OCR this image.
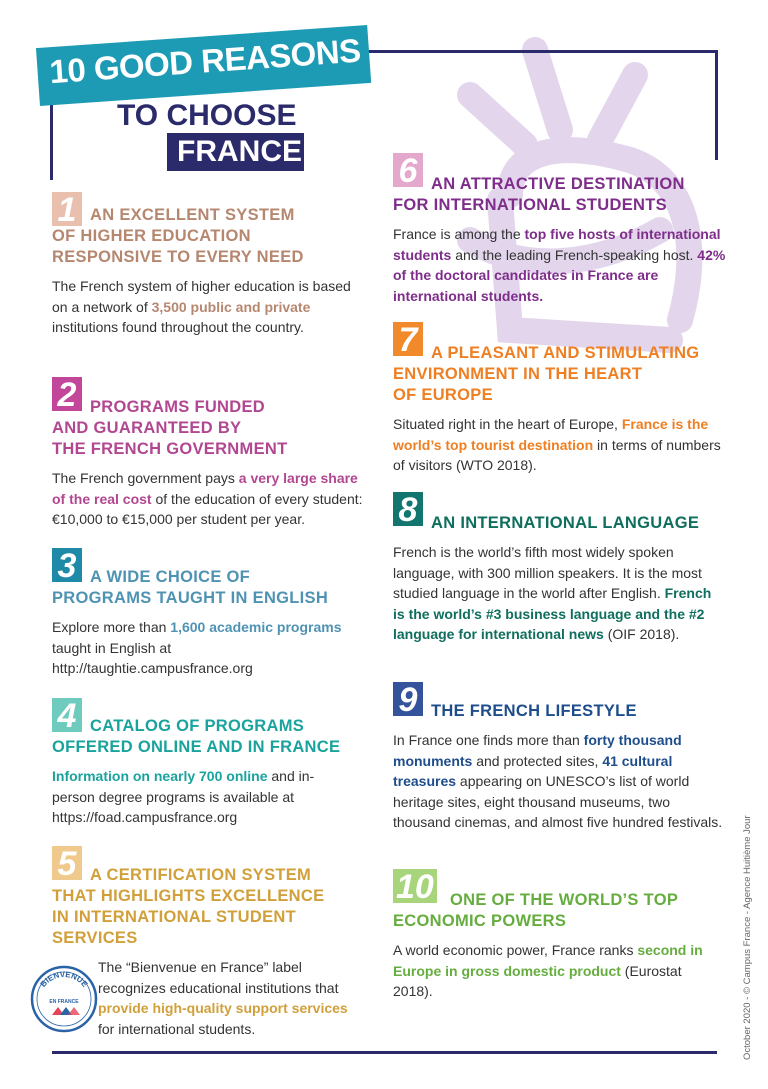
10 GOOD REASONS
TO CHOOSE
FRANCE
1 AN EXCELLENT SYSTEM
OF HIGHER EDUCATION
RESPONSIVE TO EVERY NEED
The French system of higher education is based on a network of 3,500 public and private institutions found throughout the country.
2 PROGRAMS FUNDED
AND GUARANTEED BY
THE FRENCH GOVERNMENT
The French government pays a very large share of the real cost of the education of every student: €10,000 to €15,000 per student per year.
3 A WIDE CHOICE OF
PROGRAMS TAUGHT IN ENGLISH
Explore more than 1,600 academic programs taught in English at http://taughtie.campusfrance.org
4 CATALOG OF PROGRAMS
OFFERED ONLINE AND IN FRANCE
Information on nearly 700 online and in-person degree programs is available at https://foad.campusfrance.org
5 A CERTIFICATION SYSTEM
THAT HIGHLIGHTS EXCELLENCE
IN INTERNATIONAL STUDENT
SERVICES
The “Bienvenue en France” label recognizes educational institutions that provide high-quality support services for international students.
BIENVENUE
EN FRANCE
6 AN ATTRACTIVE DESTINATION
FOR INTERNATIONAL STUDENTS
France is among the top five hosts of international students and the leading French-speaking host. 42% of the doctoral candidates in France are international students.
7 A PLEASANT AND STIMULATING
ENVIRONMENT IN THE HEART
OF EUROPE
Situated right in the heart of Europe, France is the world’s top tourist destination in terms of numbers of visitors (WTO 2018).
8 AN INTERNATIONAL LANGUAGE
French is the world’s fifth most widely spoken language, with 300 million speakers. It is the most studied language in the world after English. French is the world’s #3 business language and the #2 language for international news (OIF 2018).
9 THE FRENCH LIFESTYLE
In France one finds more than forty thousand monuments and protected sites, 41 cultural treasures appearing on UNESCO’s list of world heritage sites, eight thousand museums, two thousand cinemas, and almost five hundred festivals.
10 ONE OF THE WORLD’S TOP
ECONOMIC POWERS
A world economic power, France ranks second in Europe in gross domestic product (Eurostat 2018).	October 2020 - © Campus France - Agence Huitième Jour
